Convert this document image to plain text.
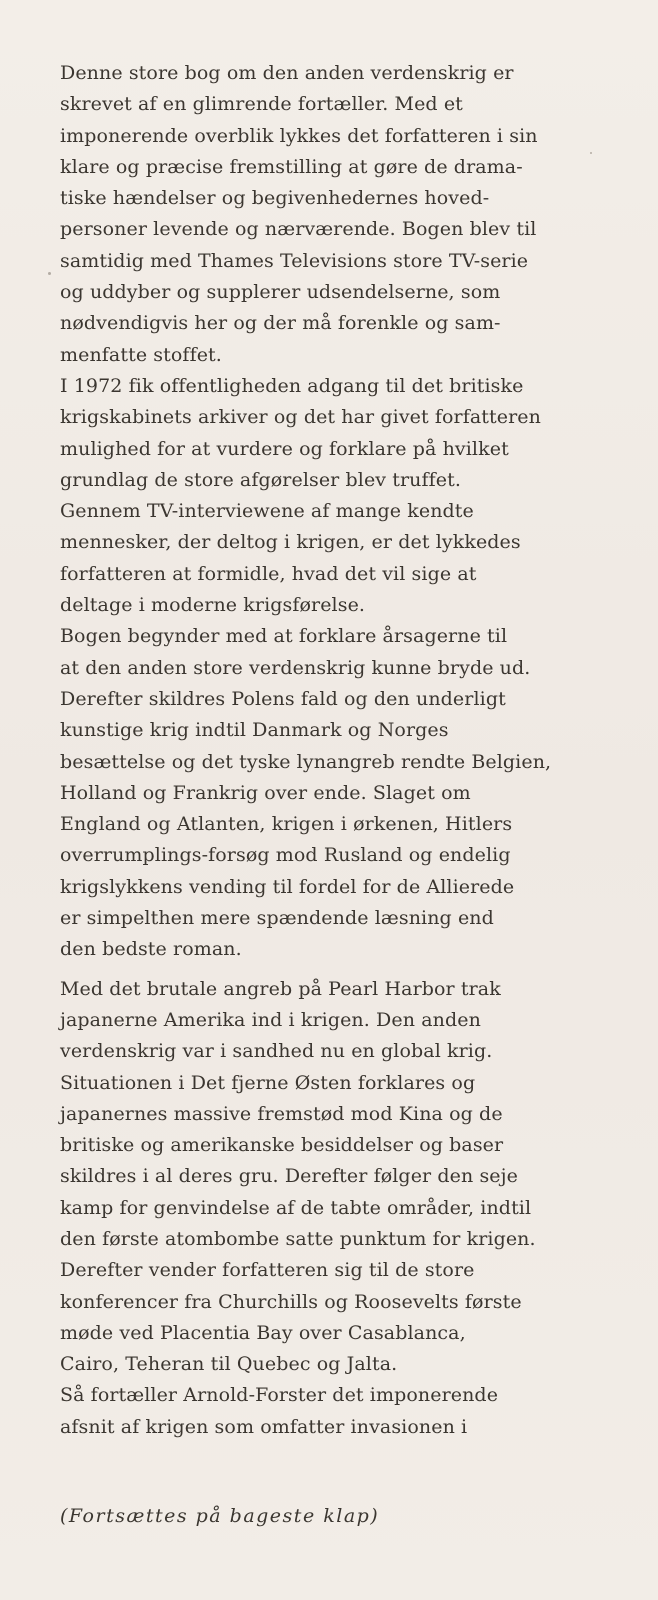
Denne store bog om den anden verdenskrig er
skrevet af en glimrende fortæller. Med et
imponerende overblik lykkes det forfatteren i sin
klare og præcise fremstilling at gøre de drama-
tiske hændelser og begivenhedernes hoved-
personer levende og nærværende. Bogen blev til
samtidig med Thames Televisions store TV-serie
og uddyber og supplerer udsendelserne, som
nødvendigvis her og der må forenkle og sam-
menfatte stoffet.
I 1972 fik offentligheden adgang til det britiske
krigskabinets arkiver og det har givet forfatteren
mulighed for at vurdere og forklare på hvilket
grundlag de store afgørelser blev truffet.
Gennem TV-interviewene af mange kendte
mennesker, der deltog i krigen, er det lykkedes
forfatteren at formidle, hvad det vil sige at
deltage i moderne krigsførelse.
Bogen begynder med at forklare årsagerne til
at den anden store verdenskrig kunne bryde ud.
Derefter skildres Polens fald og den underligt
kunstige krig indtil Danmark og Norges
besættelse og det tyske lynangreb rendte Belgien,
Holland og Frankrig over ende. Slaget om
England og Atlanten, krigen i ørkenen, Hitlers
overrumplings-forsøg mod Rusland og endelig
krigslykkens vending til fordel for de Allierede
er simpelthen mere spændende læsning end
den bedste roman.
Med det brutale angreb på Pearl Harbor trak
japanerne Amerika ind i krigen. Den anden
verdenskrig var i sandhed nu en global krig.
Situationen i Det fjerne Østen forklares og
japanernes massive fremstød mod Kina og de
britiske og amerikanske besiddelser og baser
skildres i al deres gru. Derefter følger den seje
kamp for genvindelse af de tabte områder, indtil
den første atombombe satte punktum for krigen.
Derefter vender forfatteren sig til de store
konferencer fra Churchills og Roosevelts første
møde ved Placentia Bay over Casablanca,
Cairo, Teheran til Quebec og Jalta.
Så fortæller Arnold-Forster det imponerende
afsnit af krigen som omfatter invasionen i
(Fortsættes på bageste klap)
